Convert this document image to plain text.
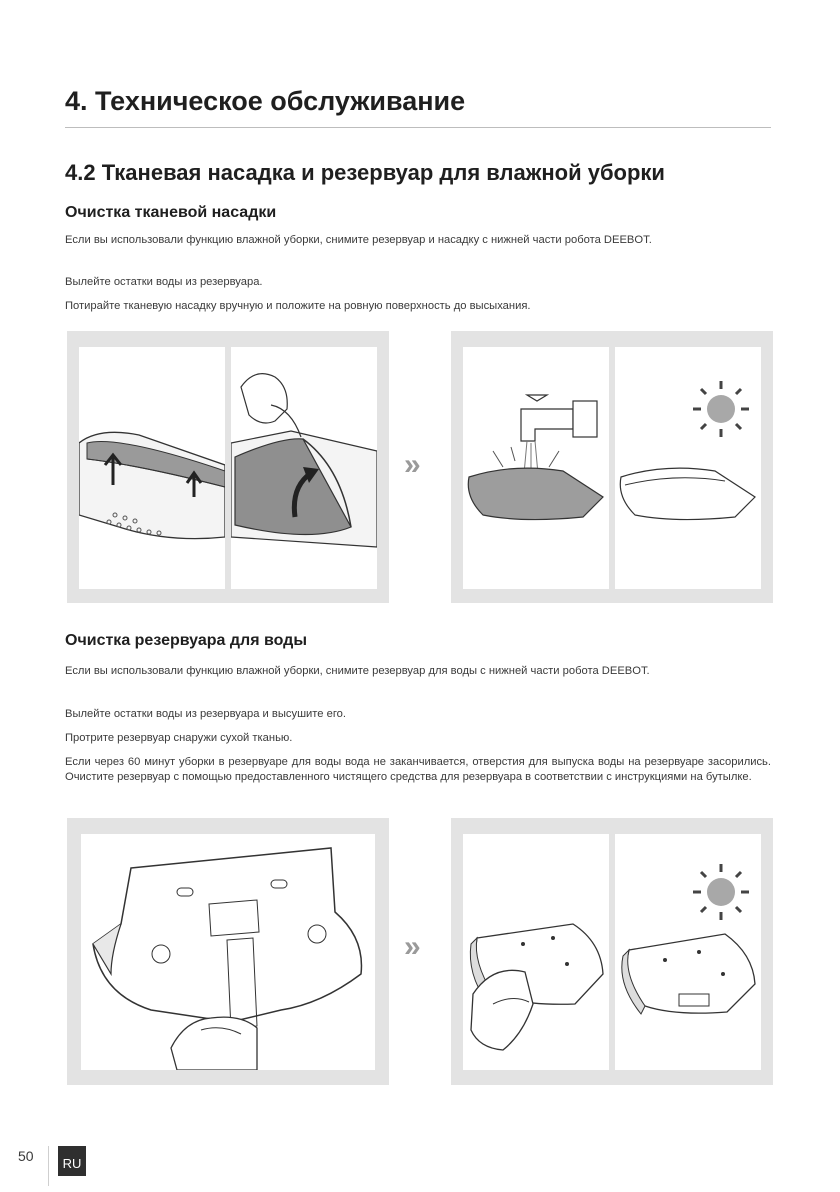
4. Техническое обслуживание
4.2 Тканевая насадка и резервуар для влажной уборки
Очистка тканевой насадки

Если вы использовали функцию влажной уборки, снимите резервуар и насадку с нижней части робота DEEBOT.

Вылейте остатки воды из резервуара.

Потирайте тканевую насадку вручную и положите на ровную поверхность до высыхания.

»
Очистка резервуара для воды

Если вы использовали функцию влажной уборки, снимите резервуар для воды с нижней части робота DEEBOT.

Вылейте остатки воды из резервуара и высушите его.

Протрите резервуар снаружи сухой тканью.

Если через 60 минут уборки в резервуаре для воды вода не заканчивается, отверстия для выпуска воды на резервуаре засорились. Очистите резервуар с помощью предоставленного чистящего средства для резервуара в соответствии с инструкциями на бутылке.

»
50	RU
